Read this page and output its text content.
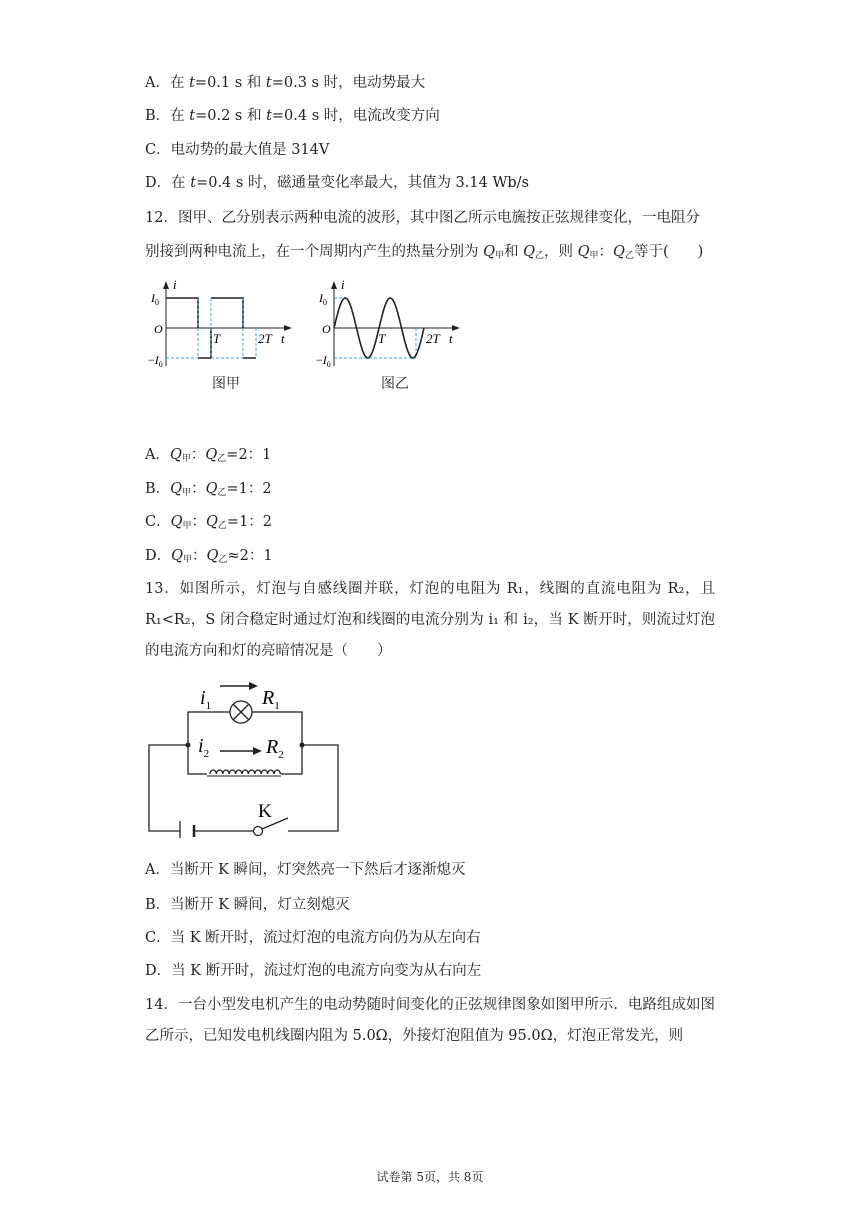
A．在 t=0.1 s 和 t=0.3 s 时，电动势最大
B．在 t=0.2 s 和 t=0.4 s 时，电流改变方向
C．电动势的最大值是 314V
D．在 t=0.4 s 时，磁通量变化率最大，其值为 3.14 Wb/s
12．图甲、乙分别表示两种电流的波形，其中图乙所示电旒按正弦规律变化，一电阻分
别接到两种电流上，在一个周期内产生的热量分别为 $Q_甲$和 $Q_乙$，则 $Q_甲$：$Q_乙$等于(　　)
i
$I_0$
O
$-I_0$
T	2T t
图甲
i
$I_0$
O
$-I_0$
T	2T t
图乙
A．$Q_甲$：$Q_乙=2$：1
B．$Q_甲$：$Q_乙=1$：2
C．$Q_甲$：$Q_乙=1$：2
D．$Q_甲$：$Q_乙\approx 2$：1
13．如图所示，灯泡与自感线圈并联，灯泡的电阻为 R₁，线圈的直流电阻为 R₂，且 R₁<R₂，S 闭合稳定时通过灯泡和线圈的电流分别为 i₁ 和 i₂，当 K 断开时，则流过灯泡的电流方向和灯的亮暗情况是（　　）
$i_1$	$R_1$
$i_2$	$R_2$
K
A．当断开 K 瞬间，灯突然亮一下然后才逐渐熄灭
B．当断开 K 瞬间，灯立刻熄灭
C．当 K 断开时，流过灯泡的电流方向仍为从左向右
D．当 K 断开时，流过灯泡的电流方向变为从右向左
14．一台小型发电机产生的电动势随时间变化的正弦规律图象如图甲所示．电路组成如图乙所示，已知发电机线圈内阻为 5.0Ω，外接灯泡阻值为 95.0Ω，灯泡正常发光，则
试卷第 5页，共 8页
